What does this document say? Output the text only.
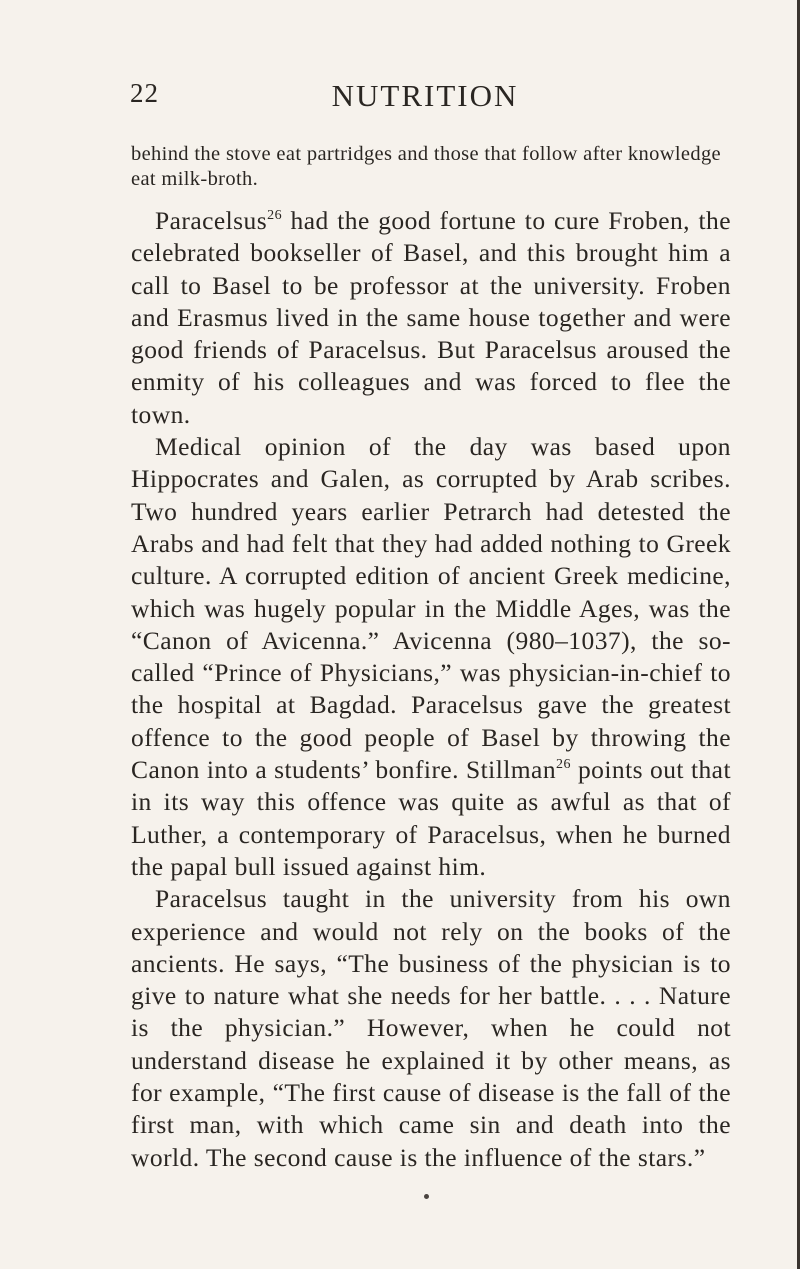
22	NUTRITION
behind the stove eat partridges and those that follow after knowledge eat milk-broth.

Paracelsus$^{26}$ had the good fortune to cure Froben, the celebrated bookseller of Basel, and this brought him a call to Basel to be professor at the university. Froben and Erasmus lived in the same house together and were good friends of Paracelsus. But Paracelsus aroused the enmity of his colleagues and was forced to flee the town.

Medical opinion of the day was based upon Hippocrates and Galen, as corrupted by Arab scribes. Two hundred years earlier Petrarch had detested the Arabs and had felt that they had added nothing to Greek culture. A corrupted edition of ancient Greek medicine, which was hugely popular in the Middle Ages, was the “Canon of Avicenna.” Avicenna (980–1037), the so-called “Prince of Physicians,” was physician-in-chief to the hospital at Bagdad. Paracelsus gave the greatest offence to the good people of Basel by throwing the Canon into a students’ bonfire. Stillman$^{26}$ points out that in its way this offence was quite as awful as that of Luther, a contemporary of Paracelsus, when he burned the papal bull issued against him.

Paracelsus taught in the university from his own experience and would not rely on the books of the ancients. He says, “The business of the physician is to give to nature what she needs for her battle. . . . Nature is the physician.” However, when he could not understand disease he explained it by other means, as for example, “The first cause of disease is the fall of the first man, with which came sin and death into the world. The second cause is the influence of the stars.”
